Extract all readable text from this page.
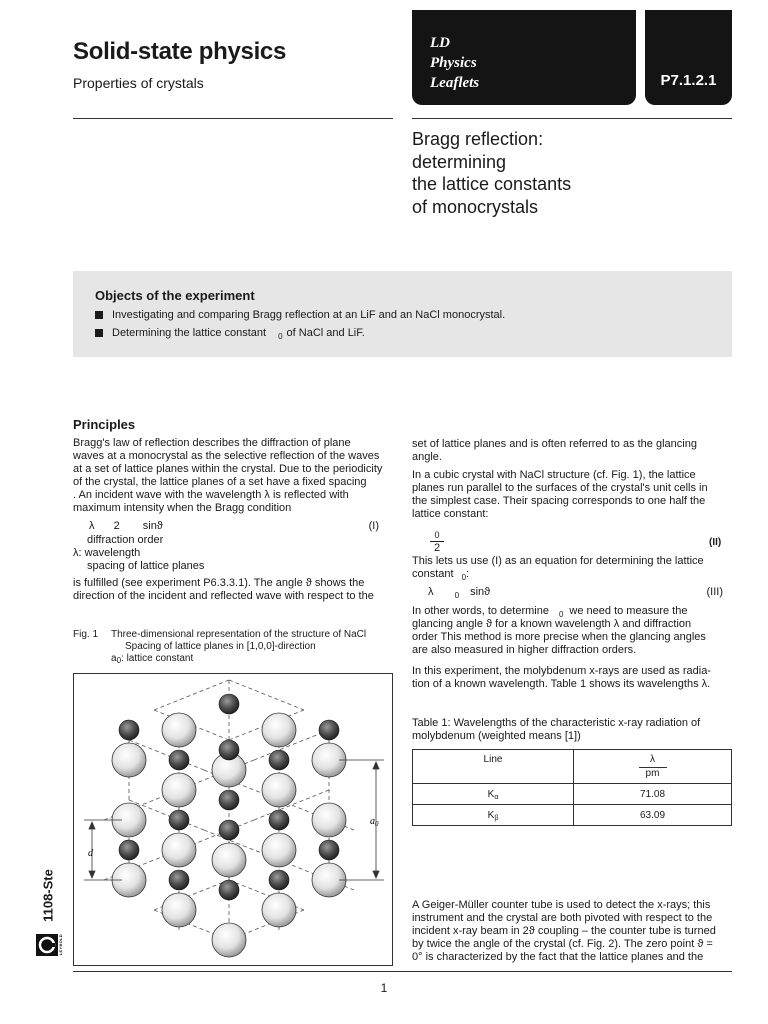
Solid-state physics
Properties of crystals
LD
Physics
Leaflets	P7.1.2.1
Bragg reflection:
determining
the lattice constants
of monocrystals
Objects of the experiment
Investigating and comparing Bragg reflection at an LiF and an NaCl monocrystal.
Determining the lattice constant 0 of NaCl and LiF.
Principles
Bragg's law of reflection describes the diffraction of plane
waves at a monocrystal as the selective reflection of the waves
at a set of lattice planes within the crystal. Due to the periodicity
of the crystal, the lattice planes of a set have a fixed spacing
. An incident wave with the wavelength λ is reflected with
maximum intensity when the Bragg condition
λ 2 sinϑ	(I)
diffraction order
λ: wavelength
spacing of lattice planes
is fulfilled (see experiment P6.3.3.1). The angle ϑ shows the
direction of the incident and reflected wave with respect to the
set of lattice planes and is often referred to as the glancing
angle.
In a cubic crystal with NaCl structure (cf. Fig. 1), the lattice
planes run parallel to the surfaces of the crystal's unit cells in
the simplest case. Their spacing corresponds to one half the
lattice constant:
0
2	(II)
This lets us use (I) as an equation for determining the lattice
constant $_0$:
λ	$_0$ sinϑ	(III)
In other words, to determine $_0$ we need to measure the
glancing angle ϑ for a known wavelength λ and diffraction
order This method is more precise when the glancing angles
are also measured in higher diffraction orders.
In this experiment, the molybdenum x-rays are used as radia-
tion of a known wavelength. Table 1 shows its wavelengths λ.
Fig. 1 Three-dimensional representation of the structure of NaCl
Spacing of lattice planes in [1,0,0]-direction
$a_0$: lattice constant
d
$a_0$
Table 1: Wavelengths of the characteristic x-ray radiation of
molybdenum (weighted means [1])
Line	λ
pm

$K_\alpha$	71.08
$K_\beta$	63.09
A Geiger-Müller counter tube is used to detect the x-rays; this
instrument and the crystal are both pivoted with respect to the
incident x-ray beam in 2ϑ coupling – the counter tube is turned
by twice the angle of the crystal (cf. Fig. 2). The zero point ϑ =
0° is characterized by the fact that the lattice planes and the
1108-Ste
LEYBOLD
1
